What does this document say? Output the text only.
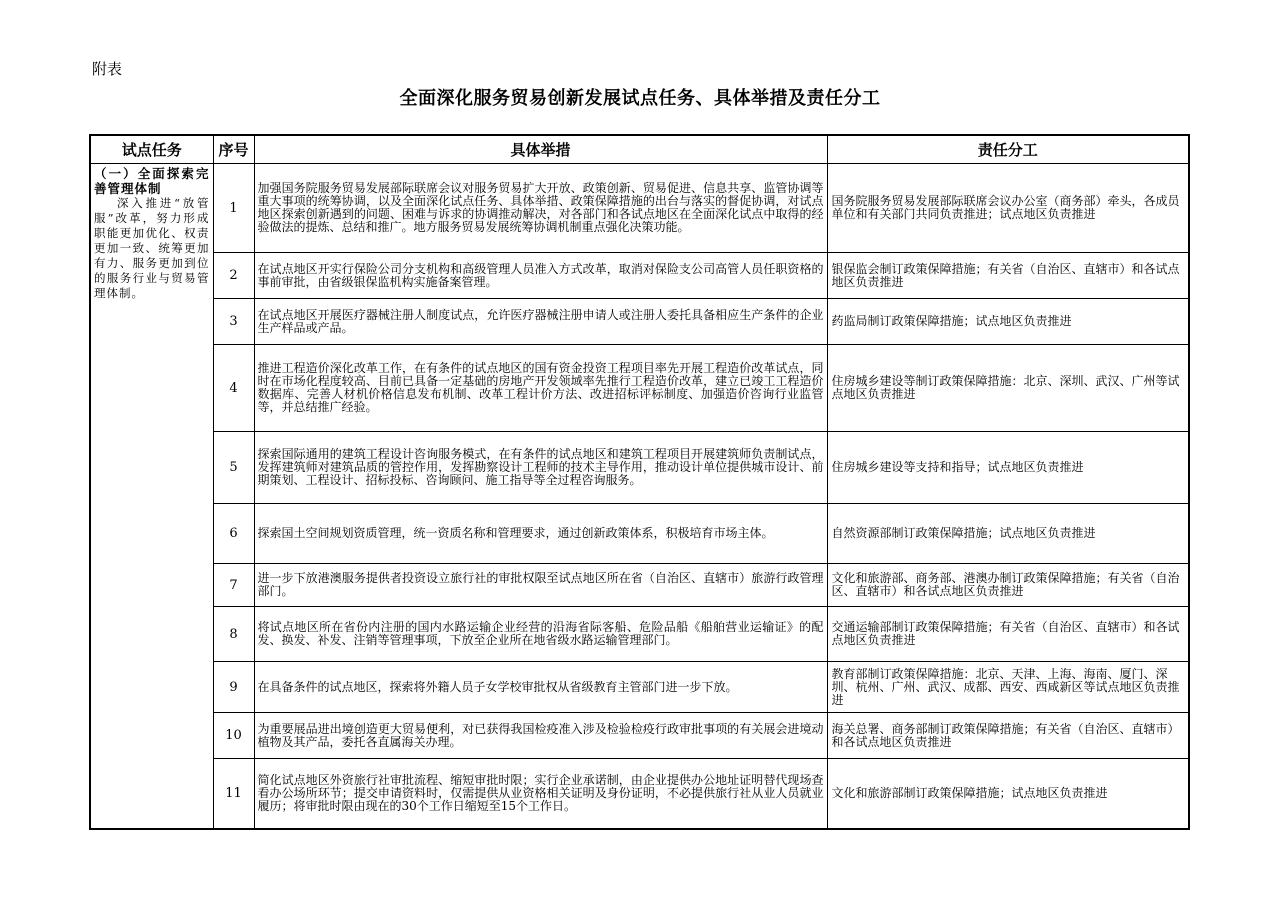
附表
全面深化服务贸易创新发展试点任务、具体举措及责任分工
试点任务	序号	具体举措	责任分工

（一）全面探索完善管理体制
深入推进“放管服”改革，努力形成职能更加优化、权责更加一致、统筹更加有力、服务更加到位的服务行业与贸易管理体制。	1	加强国务院服务贸易发展部际联席会议对服务贸易扩大开放、政策创新、贸易促进、信息共享、监管协调等重大事项的统筹协调，以及全面深化试点任务、具体举措、政策保障措施的出台与落实的督促协调，对试点地区探索创新遇到的问题、困难与诉求的协调推动解决，对各部门和各试点地区在全面深化试点中取得的经验做法的提炼、总结和推广。地方服务贸易发展统筹协调机制重点强化决策功能。	国务院服务贸易发展部际联席会议办公室（商务部）牵头，各成员单位和有关部门共同负责推进；试点地区负责推进
	2	在试点地区开实行保险公司分支机构和高级管理人员准入方式改革，取消对保险支公司高管人员任职资格的事前审批，由省级银保监机构实施备案管理。	银保监会制订政策保障措施；有关省（自治区、直辖市）和各试点地区负责推进
	3	在试点地区开展医疗器械注册人制度试点，允许医疗器械注册申请人或注册人委托具备相应生产条件的企业生产样品或产品。	药监局制订政策保障措施；试点地区负责推进
	4	推进工程造价深化改革工作，在有条件的试点地区的国有资金投资工程项目率先开展工程造价改革试点，同时在市场化程度较高、目前已具备一定基础的房地产开发领域率先推行工程造价改革，建立已竣工工程造价数据库、完善人材机价格信息发布机制、改革工程计价方法、改进招标评标制度、加强造价咨询行业监管等，并总结推广经验。	住房城乡建设等制订政策保障措施：北京、深圳、武汉、广州等试点地区负责推进
	5	探索国际通用的建筑工程设计咨询服务模式，在有条件的试点地区和建筑工程项目开展建筑师负责制试点，发挥建筑师对建筑品质的管控作用，发挥勘察设计工程师的技术主导作用，推动设计单位提供城市设计、前期策划、工程设计、招标投标、咨询顾问、施工指导等全过程咨询服务。	住房城乡建设等支持和指导；试点地区负责推进
	6	探索国土空间规划资质管理，统一资质名称和管理要求，通过创新政策体系，积极培育市场主体。	自然资源部制订政策保障措施；试点地区负责推进
	7	进一步下放港澳服务提供者投资设立旅行社的审批权限至试点地区所在省（自治区、直辖市）旅游行政管理部门。	文化和旅游部、商务部、港澳办制订政策保障措施；有关省（自治区、直辖市）和各试点地区负责推进
	8	将试点地区所在省份内注册的国内水路运输企业经营的沿海省际客船、危险品船《船舶营业运输证》的配发、换发、补发、注销等管理事项，下放至企业所在地省级水路运输管理部门。	交通运输部制订政策保障措施；有关省（自治区、直辖市）和各试点地区负责推进
	9	在具备条件的试点地区，探索将外籍人员子女学校审批权从省级教育主管部门进一步下放。	教育部制订政策保障措施：北京、天津、上海、海南、厦门、深圳、杭州、广州、武汉、成都、西安、西咸新区等试点地区负责推进
	10	为重要展品进出境创造更大贸易便利，对已获得我国检疫准入涉及检验检疫行政审批事项的有关展会进境动植物及其产品，委托各直属海关办理。	海关总署、商务部制订政策保障措施；有关省（自治区、直辖市）和各试点地区负责推进
	11	简化试点地区外资旅行社审批流程、缩短审批时限；实行企业承诺制，由企业提供办公地址证明替代现场查看办公场所环节；提交申请资料时，仅需提供从业资格相关证明及身份证明，不必提供旅行社从业人员就业履历；将审批时限由现在的30个工作日缩短至15个工作日。	文化和旅游部制订政策保障措施；试点地区负责推进
